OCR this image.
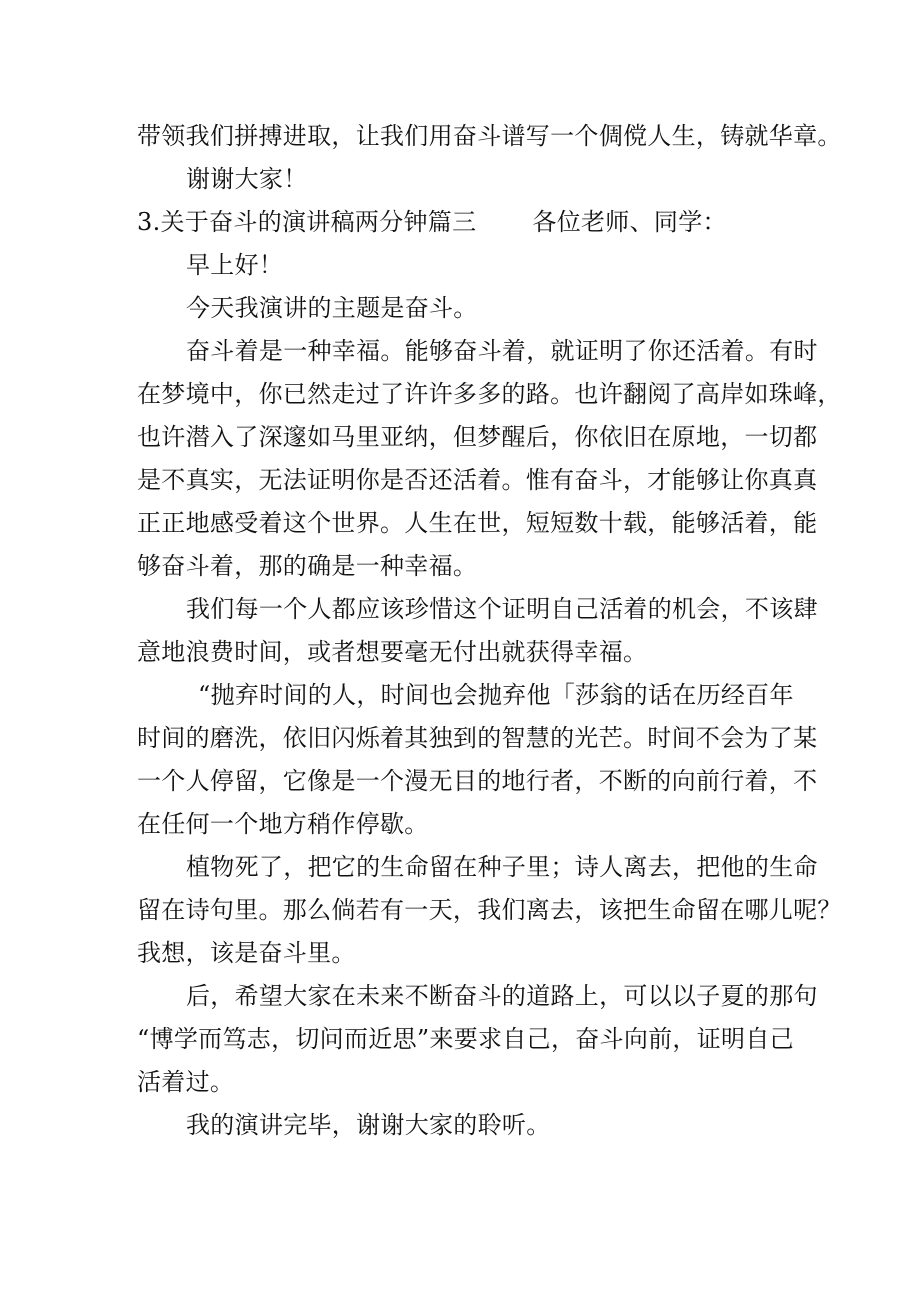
带领我们拼搏进取，让我们用奋斗谱写一个倜傥人生，铸就华章。
谢谢大家！
3.关于奋斗的演讲稿两分钟篇三 各位老师、同学：
早上好！
今天我演讲的主题是奋斗。
奋斗着是一种幸福。能够奋斗着，就证明了你还活着。有时
在梦境中，你已然走过了许许多多的路。也许翻阅了高岸如珠峰，
也许潜入了深邃如马里亚纳，但梦醒后，你依旧在原地，一切都
是不真实，无法证明你是否还活着。惟有奋斗，才能够让你真真
正正地感受着这个世界。人生在世，短短数十载，能够活着，能
够奋斗着，那的确是一种幸福。
我们每一个人都应该珍惜这个证明自己活着的机会，不该肆
意地浪费时间，或者想要毫无付出就获得幸福。
“抛弃时间的人，时间也会抛弃他「莎翁的话在历经百年
时间的磨洗，依旧闪烁着其独到的智慧的光芒。时间不会为了某
一个人停留，它像是一个漫无目的地行者，不断的向前行着，不
在任何一个地方稍作停歇。
植物死了，把它的生命留在种子里；诗人离去，把他的生命
留在诗句里。那么倘若有一天，我们离去，该把生命留在哪儿呢？
我想，该是奋斗里。
后，希望大家在未来不断奋斗的道路上，可以以子夏的那句
“博学而笃志，切问而近思”来要求自己，奋斗向前，证明自己
活着过。
我的演讲完毕，谢谢大家的聆听。
